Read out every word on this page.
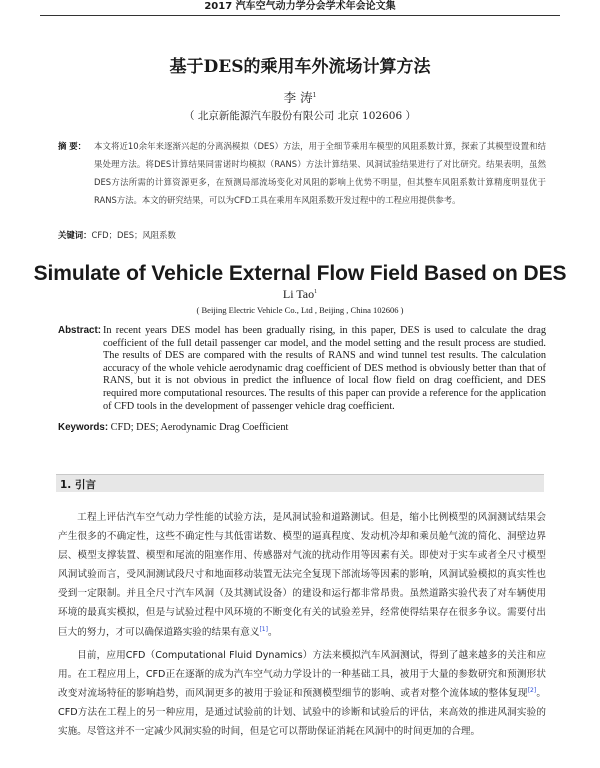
2017 汽车空气动力学分会学术年会论文集
基于DES的乘用车外流场计算方法
李 涛$^1$
（ 北京新能源汽车股份有限公司 北京 102606 ）
摘 要： 本文将近10余年来逐渐兴起的分离涡模拟（DES）方法，用于全细节乘用车模型的风阻系数计算，探索了其模型设置和结果处理方法。将DES计算结果同雷诺时均模拟（RANS）方法计算结果、风洞试验结果进行了对比研究。结果表明，虽然DES方法所需的计算资源更多，在预测局部流场变化对风阻的影响上优势不明显，但其整车风阻系数计算精度明显优于RANS方法。本文的研究结果，可以为CFD工具在乘用车风阻系数开发过程中的工程应用提供参考。
关键词：CFD；DES；风阻系数
Simulate of Vehicle External Flow Field Based on DES
Li Tao$^1$
( Beijing Electric Vehicle Co., Ltd , Beijing , China 102606 )
Abstract: In recent years DES model has been gradually rising, in this paper, DES is used to calculate the drag coefficient of the full detail passenger car model, and the model setting and the result process are studied. The results of DES are compared with the results of RANS and wind tunnel test results. The calculation accuracy of the whole vehicle aerodynamic drag coefficient of DES method is obviously better than that of RANS, but it is not obvious in predict the influence of local flow field on drag coefficient, and DES required more computational resources. The results of this paper can provide a reference for the application of CFD tools in the development of passenger vehicle drag coefficient.
Keywords: CFD; DES; Aerodynamic Drag Coefficient
1. 引言
工程上评估汽车空气动力学性能的试验方法，是风洞试验和道路测试。但是，缩小比例模型的风洞测试结果会产生很多的不确定性，这些不确定性与其低雷诺数、模型的逼真程度、发动机冷却和乘员舱气流的简化、洞壁边界层、模型支撑装置、模型和尾流的阻塞作用、传感器对气流的扰动作用等因素有关。即使对于实车或者全尺寸模型风洞试验而言，受风洞测试段尺寸和地面移动装置无法完全复现下部流场等因素的影响，风洞试验模拟的真实性也受到一定限制。并且全尺寸汽车风洞（及其测试设备）的建设和运行都非常昂贵。虽然道路实验代表了对车辆使用环境的最真实模拟，但是与试验过程中风环境的不断变化有关的试验差异，经常使得结果存在很多争议。需要付出巨大的努力，才可以确保道路实验的结果有意义[1]。
目前，应用CFD（Computational Fluid Dynamics）方法来模拟汽车风洞测试，得到了越来越多的关注和应用。在工程应用上，CFD正在逐渐的成为汽车空气动力学设计的一种基础工具，被用于大量的参数研究和预测形状改变对流场特征的影响趋势，而风洞更多的被用于验证和预测模型细节的影响、或者对整个流体域的整体复现[2]。CFD方法在工程上的另一种应用，是通过试验前的计划、试验中的诊断和试验后的评估，来高效的推进风洞实验的实施。尽管这并不一定减少风洞实验的时间，但是它可以帮助保证消耗在风洞中的时间更加的合理。
